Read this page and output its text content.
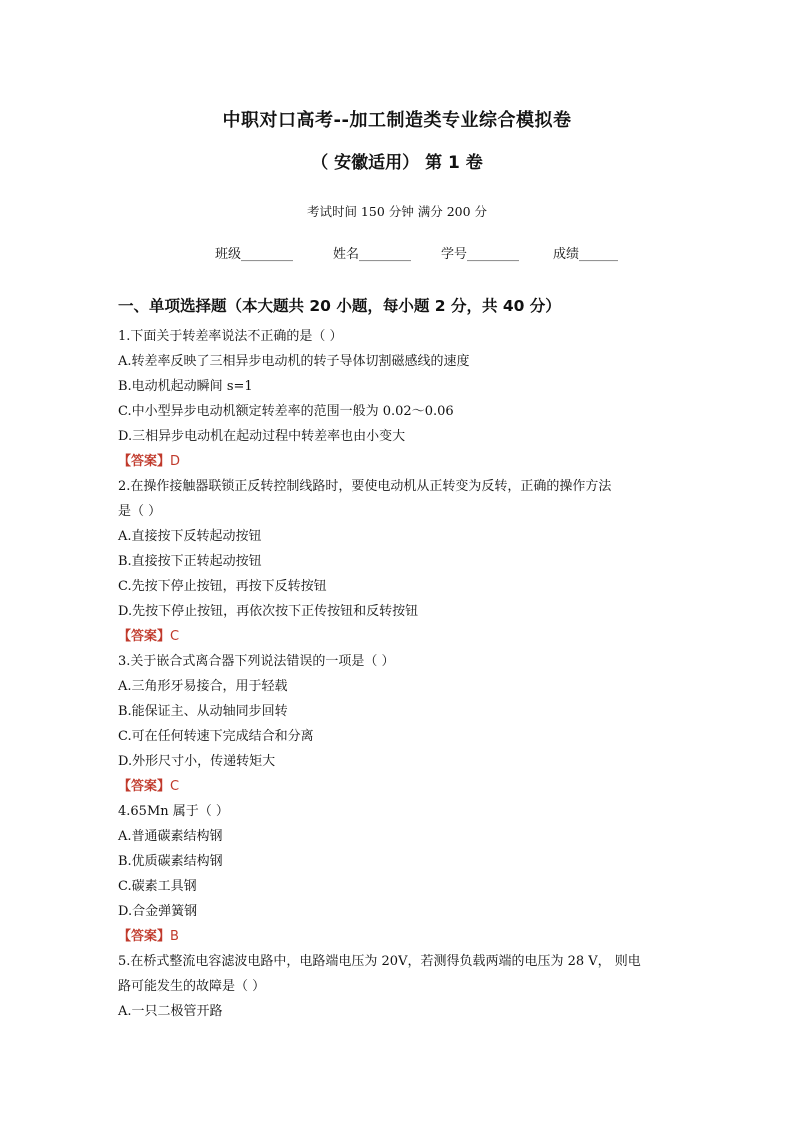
中职对口高考--加工制造类专业综合模拟卷
（ 安徽适用） 第 1 卷
考试时间 150 分钟 满分 200 分
班级________	姓名________	学号________	成绩______
一、单项选择题（本大题共 20 小题，每小题 2 分，共 40 分）
1.下面关于转差率说法不正确的是（ ）
A.转差率反映了三相异步电动机的转子导体切割磁感线的速度
B.电动机起动瞬间 s=1
C.中小型异步电动机额定转差率的范围一般为 0.02～0.06
D.三相异步电动机在起动过程中转差率也由小变大
【答案】D
2.在操作接触器联锁正反转控制线路时，要使电动机从正转变为反转，正确的操作方法
是（ ）
A.直接按下反转起动按钮
B.直接按下正转起动按钮
C.先按下停止按钮，再按下反转按钮
D.先按下停止按钮，再依次按下正传按钮和反转按钮
【答案】C
3.关于嵌合式离合器下列说法错误的一项是（ ）
A.三角形牙易接合，用于轻载
B.能保证主、从动轴同步回转
C.可在任何转速下完成结合和分离
D.外形尺寸小，传递转矩大
【答案】C
4.65Mn 属于（ ）
A.普通碳素结构钢
B.优质碳素结构钢
C.碳素工具钢
D.合金弹簧钢
【答案】B
5.在桥式整流电容滤波电路中，电路端电压为 20V，若测得负载两端的电压为 28 V， 则电
路可能发生的故障是（ ）
A.一只二极管开路
